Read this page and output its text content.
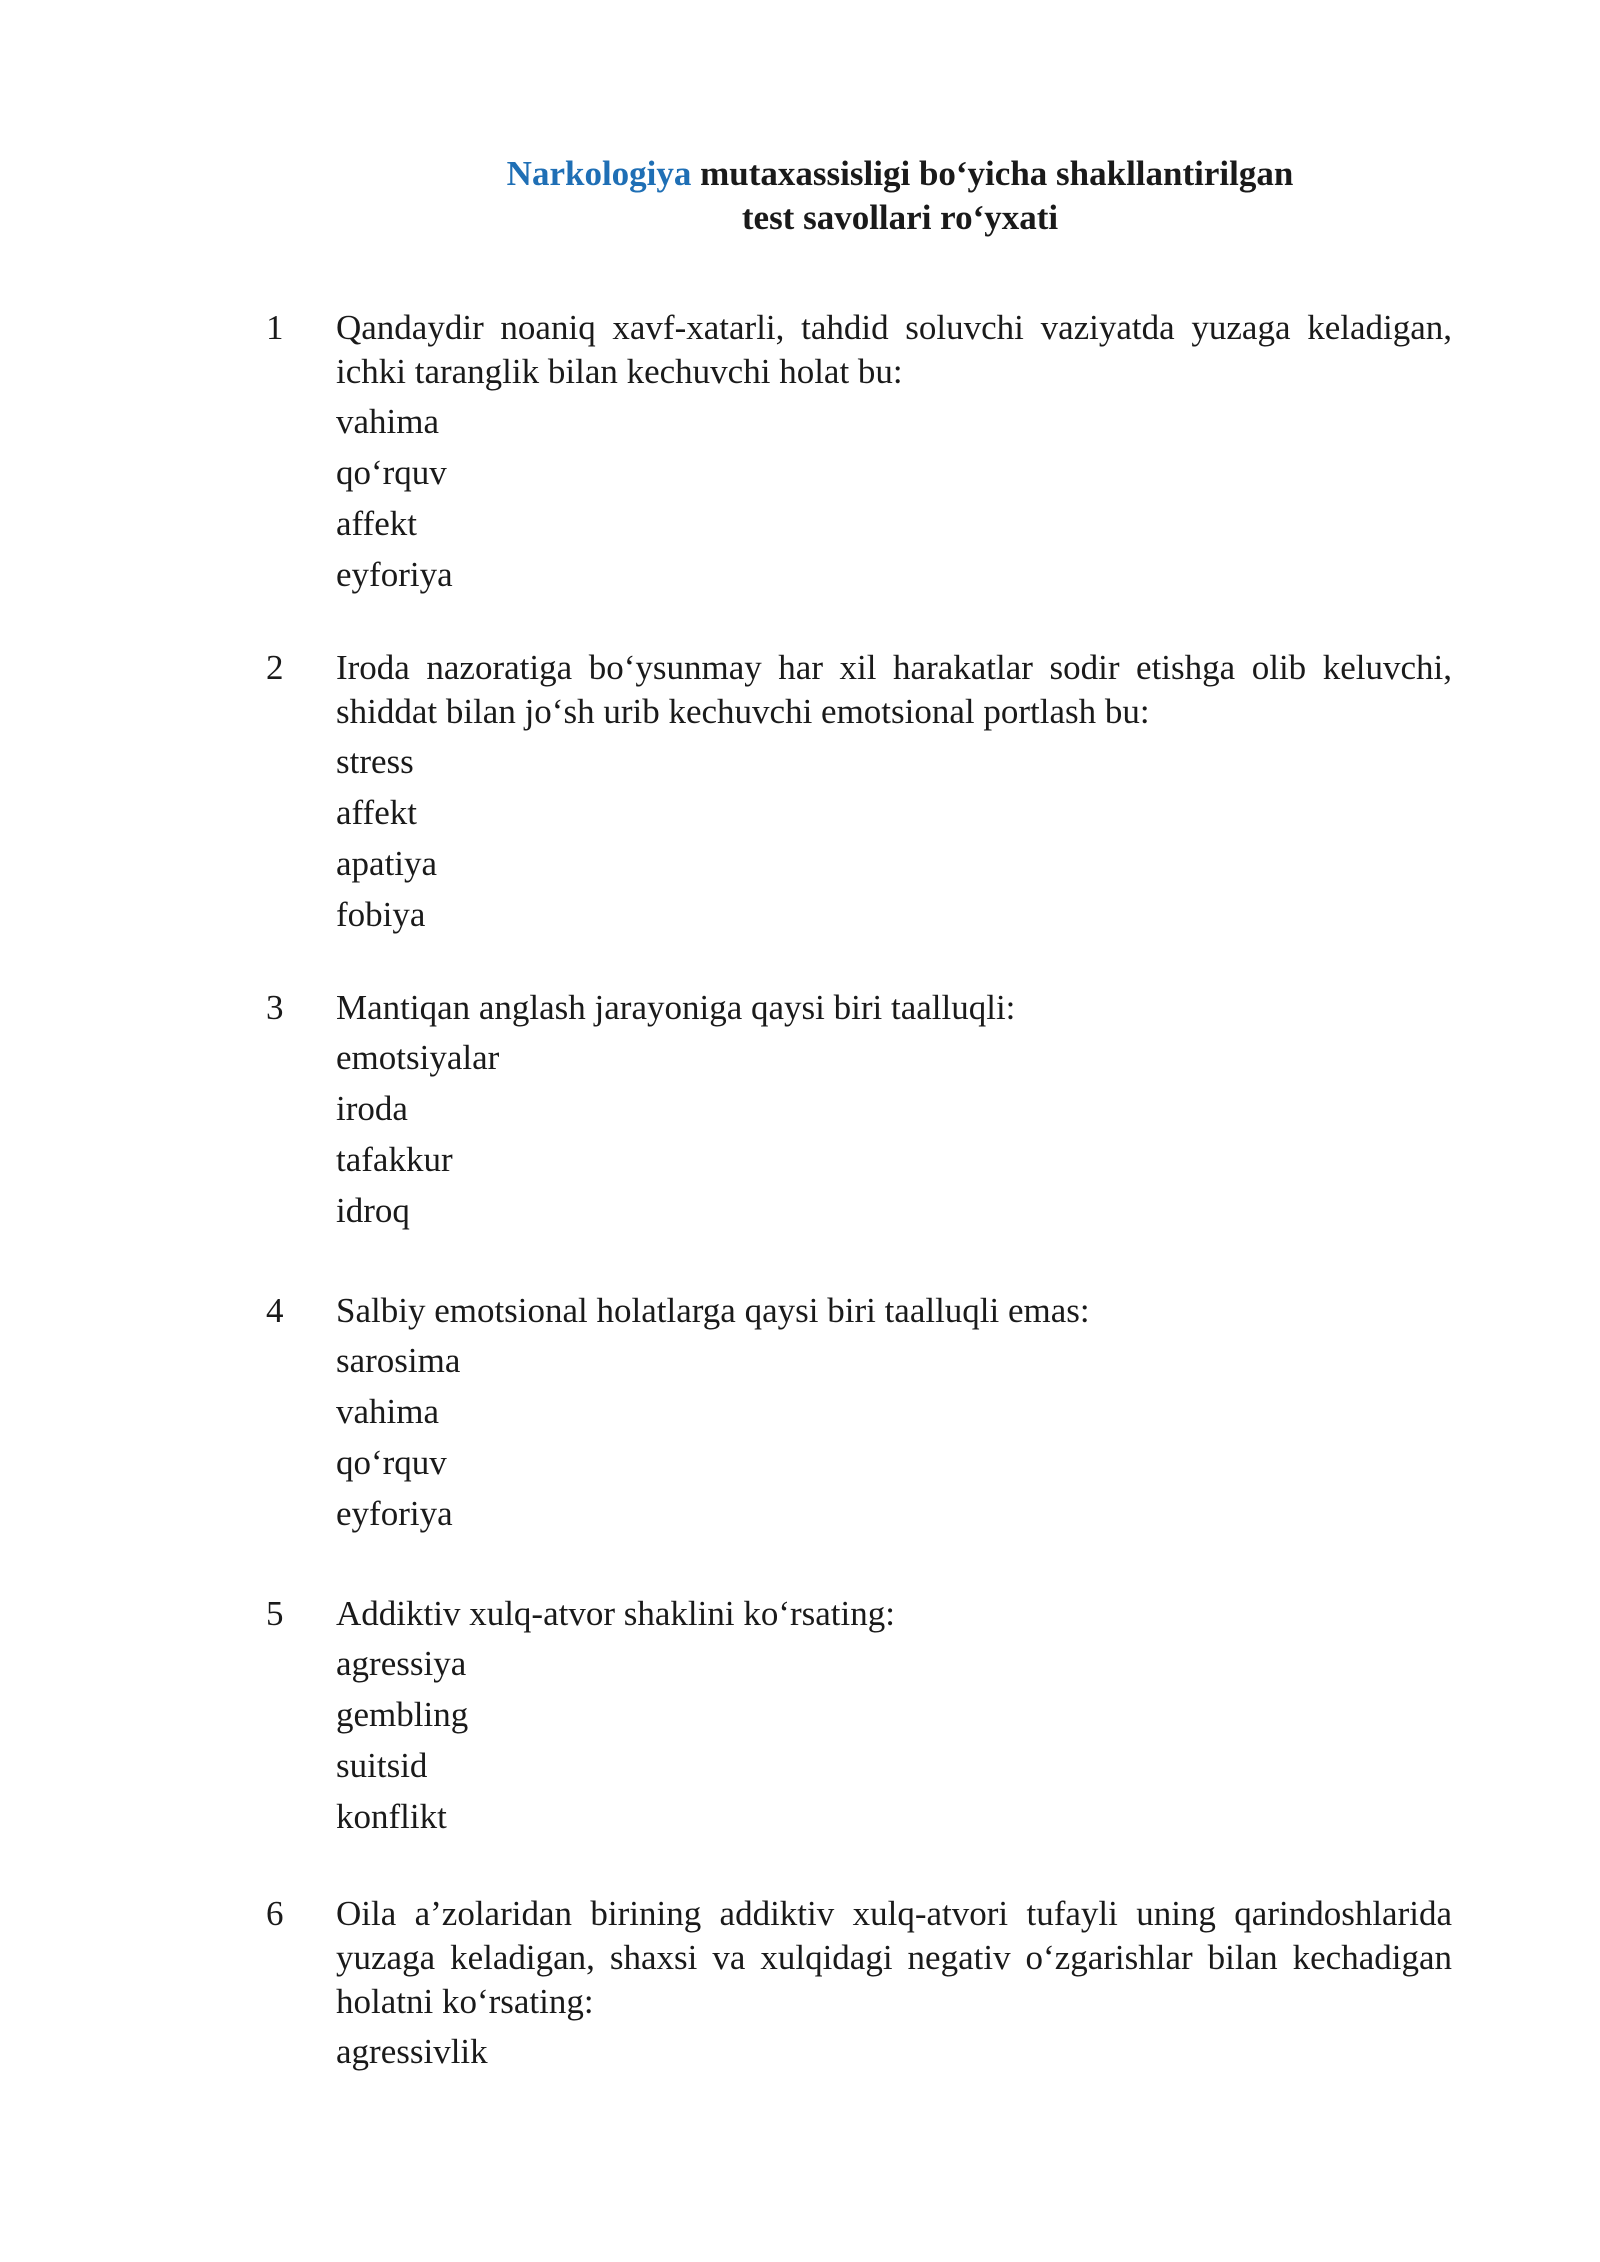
Narkologiya mutaxassisligi bo‘yicha shakllantirilgan
test savollari ro‘yxati
1 Qandaydir noaniq xavf-xatarli, tahdid soluvchi vaziyatda yuzaga keladigan, ichki taranglik bilan kechuvchi holat bu:
vahima
qo‘rquv
affekt
eyforiya
2 Iroda nazoratiga bo‘ysunmay har xil harakatlar sodir etishga olib keluvchi, shiddat bilan jo‘sh urib kechuvchi emotsional portlash bu:
stress
affekt
apatiya
fobiya
3 Mantiqan anglash jarayoniga qaysi biri taalluqli:
emotsiyalar
iroda
tafakkur
idroq
4 Salbiy emotsional holatlarga qaysi biri taalluqli emas:
sarosima
vahima
qo‘rquv
eyforiya
5 Addiktiv xulq-atvor shaklini ko‘rsating:
agressiya
gembling
suitsid
konflikt
6 Oila a’zolaridan birining addiktiv xulq-atvori tufayli uning qarindoshlarida yuzaga keladigan, shaxsi va xulqidagi negativ o‘zgarishlar bilan kechadigan holatni ko‘rsating:
agressivlik
